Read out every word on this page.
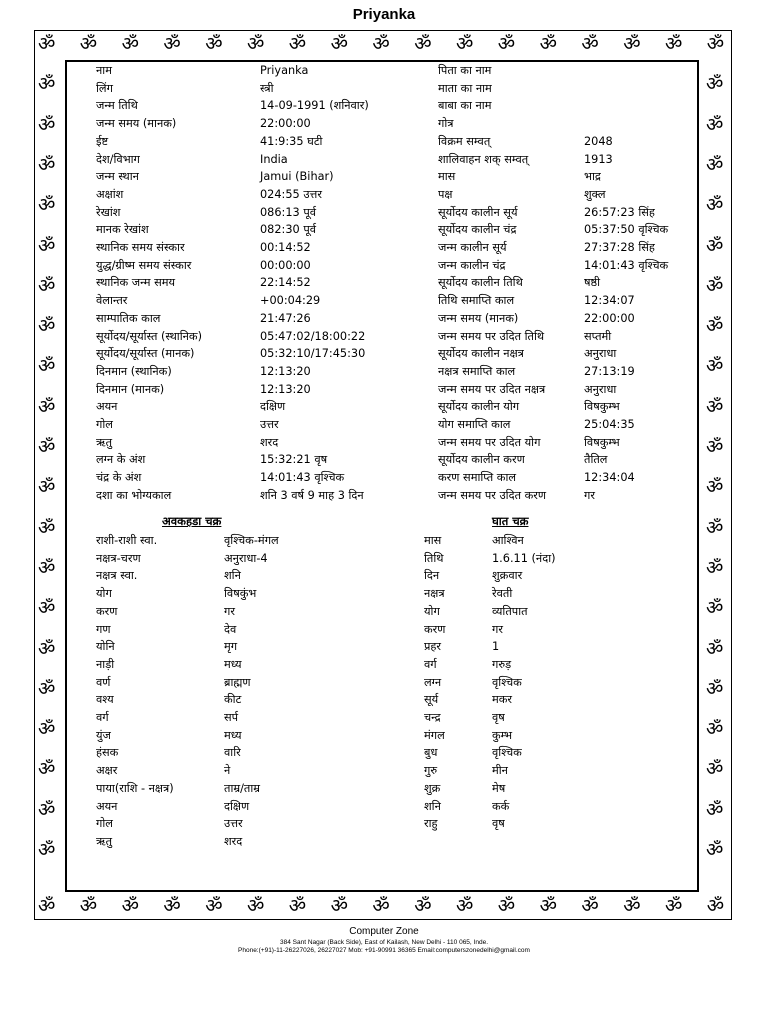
Priyanka
ॐ ॐ ॐ ॐ ॐ ॐ ॐ ॐ ॐ ॐ ॐ ॐ ॐ ॐ ॐ ॐ ॐ
ॐ ॐ ॐ ॐ ॐ ॐ ॐ ॐ ॐ ॐ ॐ ॐ ॐ ॐ ॐ ॐ ॐ
ॐ	ॐ
ॐ	ॐ
ॐ	ॐ
ॐ	ॐ
ॐ	ॐ
ॐ	ॐ
ॐ	ॐ
ॐ	ॐ
ॐ	ॐ
ॐ	ॐ
ॐ	ॐ
ॐ	ॐ
ॐ	ॐ
ॐ	ॐ
ॐ	ॐ
ॐ	ॐ
ॐ	ॐ
ॐ	ॐ
ॐ	ॐ
ॐ	ॐ
नाम	Priyanka	पिता का नाम
लिंग	स्त्री	माता का नाम
जन्म तिथि	14-09-1991 (शनिवार)	बाबा का नाम
जन्म समय (मानक)	22:00:00	गोत्र
ईष्ट	41:9:35 घटी	विक्रम सम्वत्	2048
देश/विभाग	India	शालिवाहन शक् सम्वत्	1913
जन्म स्थान	Jamui (Bihar)	मास	भाद्र
अक्षांश	024:55 उत्तर	पक्ष	शुक्ल
रेखांश	086:13 पूर्व	सूर्योदय कालीन सूर्य	26:57:23 सिंह
मानक रेखांश	082:30 पूर्व	सूर्योदय कालीन चंद्र	05:37:50 वृश्चिक
स्थानिक समय संस्कार	00:14:52	जन्म कालीन सूर्य	27:37:28 सिंह
युद्ध/ग्रीष्म समय संस्कार	00:00:00	जन्म कालीन चंद्र	14:01:43 वृश्चिक
स्थानिक जन्म समय	22:14:52	सूर्योदय कालीन तिथि	षष्ठी
वेलान्तर	+00:04:29	तिथि समाप्ति काल	12:34:07
साम्पातिक काल	21:47:26	जन्म समय (मानक)	22:00:00
सूर्योदय/सूर्यास्त (स्थानिक)	05:47:02/18:00:22	जन्म समय पर उदित तिथि	सप्तमी
सूर्योदय/सूर्यास्त (मानक)	05:32:10/17:45:30	सूर्योदय कालीन नक्षत्र	अनुराधा
दिनमान (स्थानिक)	12:13:20	नक्षत्र समाप्ति काल	27:13:19
दिनमान (मानक)	12:13:20	जन्म समय पर उदित नक्षत्र	अनुराधा
अयन	दक्षिण	सूर्योदय कालीन योग	विषकुम्भ
गोल	उत्तर	योग समाप्ति काल	25:04:35
ऋतु	शरद	जन्म समय पर उदित योग	विषकुम्भ
लग्न के अंश	15:32:21 वृष	सूर्योदय कालीन करण	तैतिल
चंद्र के अंश	14:01:43 वृश्चिक	करण समाप्ति काल	12:34:04
दशा का भोग्यकाल	शनि 3 वर्ष 9 माह 3 दिन	जन्म समय पर उदित करण	गर
अवकहडा चक्र	घात चक्र
राशी-राशी स्वा.	वृश्चिक-मंगल
नक्षत्र-चरण	अनुराधा-4
नक्षत्र स्वा.	शनि
योग	विषकुंभ
करण	गर
गण	देव
योनि	मृग
नाड़ी	मध्य
वर्ण	ब्राह्मण
वश्य	कीट
वर्ग	सर्प
युंज	मध्य
हंसक	वारि
अक्षर	ने
पाया(राशि - नक्षत्र)	ताम्र/ताम्र
अयन	दक्षिण
गोल	उत्तर
ऋतु	शरद
मास	आश्विन
तिथि	1.6.11 (नंदा)
दिन	शुक्रवार
नक्षत्र	रेवती
योग	व्यतिपात
करण	गर
प्रहर	1
वर्ग	गरुड़
लग्न	वृश्चिक
सूर्य	मकर
चन्द्र	वृष
मंगल	कुम्भ
बुध	वृश्चिक
गुरु	मीन
शुक्र	मेष
शनि	कर्क
राहु	वृष
Computer Zone
384 Sant Nagar (Back Side), East of Kailash, New Delhi - 110 065, Inde.
Phone:(+91)-11-26227026, 26227027 Mob: +91-90991 36365 Email:computerszonedelhi@gmail.com
